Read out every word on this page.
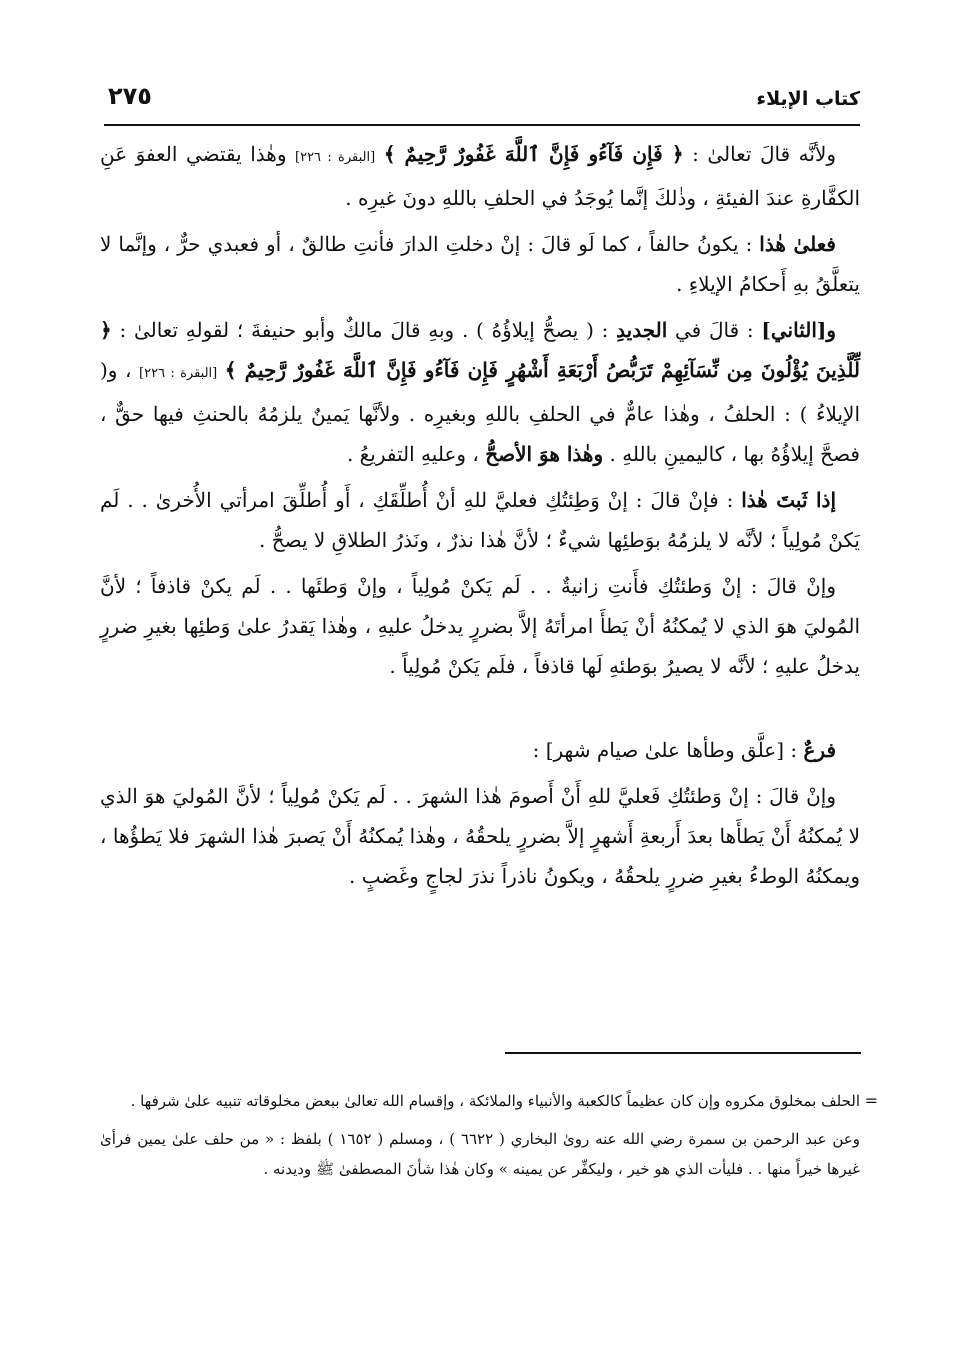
كتاب الإيلاء
٢٧٥

ولأنَّه قالَ تعالىٰ : ﴿ فَإِن فَآءُو فَإِنَّ ٱللَّهَ غَفُورٌ رَّحِيمٌ ﴾ [البقرة : ٢٢٦] وهٰذا يقتضي العفوَ عَنِ الكفَّارةِ عندَ الفيئةِ ، وذٰلكَ إنَّما يُوجَدُ في الحلفِ باللهِ دونَ غيرِه .

فعلىٰ هٰذا : يكونُ حالفاً ، كما لَو قالَ : إنْ دخلتِ الدارَ فأنتِ طالقٌ ، أو فعبدي حرٌّ ، وإنَّما لا يتعلَّقُ بهِ أَحكامُ الإيلاءِ .

و[الثاني] : قالَ في الجديدِ : ( يصحُّ إيلاؤُهُ ) . وبهِ قالَ مالكٌ وأبو حنيفةَ ؛ لقولهِ تعالىٰ : ﴿ لِّلَّذِينَ يُؤْلُونَ مِن نِّسَآئِهِمْ تَرَبُّصُ أَرْبَعَةِ أَشْهُرٍ فَإِن فَآءُو فَإِنَّ ٱللَّهَ غَفُورٌ رَّحِيمٌ ﴾ [البقرة : ٢٢٦] ، و( الإيلاءُ ) : الحلفُ ، وهٰذا عامٌّ في الحلفِ باللهِ وبغيرِه . ولأنَّها يَمينٌ يلزمُهُ بالحنثِ فيها حقٌّ ، فصحَّ إيلاؤُهُ بها ، كاليمينِ باللهِ . وهٰذا هوَ الأصحُّ ، وعليهِ التفريعُ .

إذا ثَبتَ هٰذا : فإنْ قالَ : إنْ وَطِئتُكِ فعليَّ للهِ أنْ أُطلِّقَكِ ، أَو أُطلِّقَ امرأتي الأُخرىٰ . . لَم يَكنْ مُولِياً ؛ لأنَّه لا يلزمُهُ بوَطئِها شيءٌ ؛ لأنَّ هٰذا نذرٌ ، ونَذرُ الطلاقِ لا يصحُّ .

وإنْ قالَ : إنْ وَطئتُكِ فأَنتِ زانيةٌ . . لَم يَكنْ مُولِياً ، وإنْ وَطئَها . . لَم يكنْ قاذفاً ؛ لأنَّ المُوليَ هوَ الذي لا يُمكنُهُ أنْ يَطأَ امرأتَهُ إلاَّ بضررٍ يدخلُ عليهِ ، وهٰذا يَقدرُ علىٰ وَطئِها بغيرِ ضررٍ يدخلُ عليهِ ؛ لأنَّه لا يصيرُ بوَطئهِ لَها قاذفاً ، فلَم يَكنْ مُولِياً .

فرعٌ : [علَّق وطأها علىٰ صيام شهر] :

وإنْ قالَ : إنْ وَطئتُكِ فَعليَّ للهِ أَنْ أَصومَ هٰذا الشهرَ . . لَم يَكنْ مُولِياً ؛ لأنَّ المُوليَ هوَ الذي لا يُمكنُهُ أَنْ يَطأَها بعدَ أَربعةِ أَشهرٍ إلاَّ بضررٍ يلحقُهُ ، وهٰذا يُمكنُهُ أَنْ يَصبرَ هٰذا الشهرَ فلا يَطؤُها ، ويمكنُهُ الوطءُ بغيرِ ضررٍ يلحقُهُ ، ويكونُ ناذراً نذرَ لجاجٍ وغَضبٍ .

=

الحلف بمخلوق مكروه وإن كان عظيماً كالكعبة والأنبياء والملائكة ، وإقسام الله تعالىٰ ببعض مخلوقاته تنبيه علىٰ شرفها .

وعن عبد الرحمن بن سمرة رضي الله عنه روىٰ البخاري ( ٦٦٢٢ ) ، ومسلم ( ١٦٥٢ ) بلفظ : « من حلف علىٰ يمين فرأىٰ غيرها خيراً منها . . فليأت الذي هو خير ، وليكفِّر عن يمينه » وكان هٰذا شأنَ المصطفىٰ ﷺ وديدنه .
